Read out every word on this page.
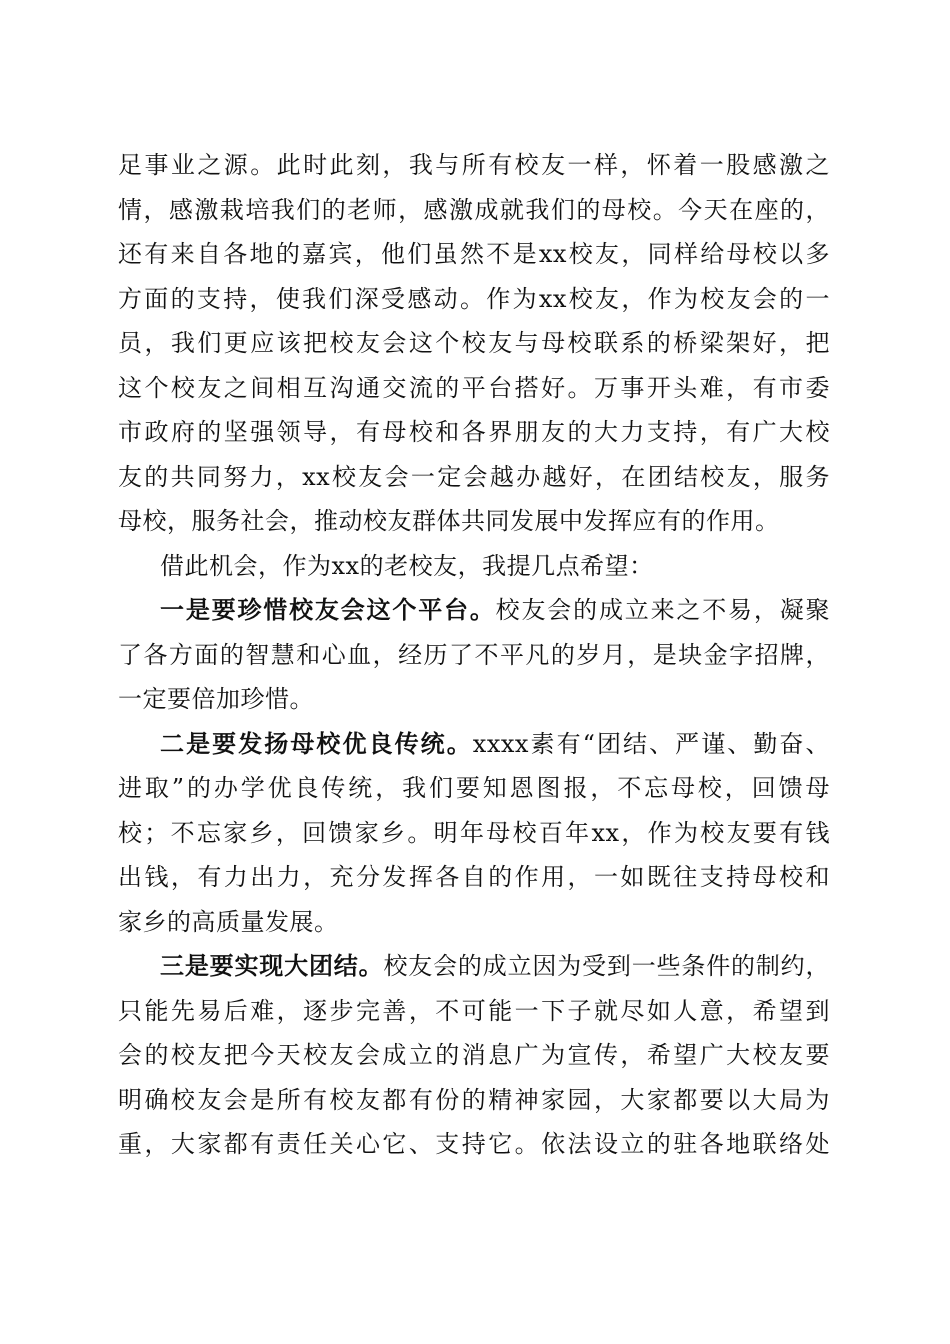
足事业之源。此时此刻，我与所有校友一样，怀着一股感激之
情，感激栽培我们的老师，感激成就我们的母校。今天在座的，
还有来自各地的嘉宾，他们虽然不是xx校友，同样给母校以多
方面的支持，使我们深受感动。作为xx校友，作为校友会的一
员，我们更应该把校友会这个校友与母校联系的桥梁架好，把
这个校友之间相互沟通交流的平台搭好。万事开头难，有市委
市政府的坚强领导，有母校和各界朋友的大力支持，有广大校
友的共同努力，xx校友会一定会越办越好，在团结校友，服务
母校，服务社会，推动校友群体共同发展中发挥应有的作用。
借此机会，作为xx的老校友，我提几点希望：
一是要珍惜校友会这个平台。校友会的成立来之不易，凝聚
了各方面的智慧和心血，经历了不平凡的岁月，是块金字招牌，
一定要倍加珍惜。
二是要发扬母校优良传统。xxxx素有“团结、严谨、勤奋、
进取”的办学优良传统，我们要知恩图报，不忘母校，回馈母
校；不忘家乡，回馈家乡。明年母校百年xx，作为校友要有钱
出钱，有力出力，充分发挥各自的作用，一如既往支持母校和
家乡的高质量发展。
三是要实现大团结。校友会的成立因为受到一些条件的制约，
只能先易后难，逐步完善，不可能一下子就尽如人意，希望到
会的校友把今天校友会成立的消息广为宣传，希望广大校友要
明确校友会是所有校友都有份的精神家园，大家都要以大局为
重，大家都有责任关心它、支持它。依法设立的驻各地联络处
